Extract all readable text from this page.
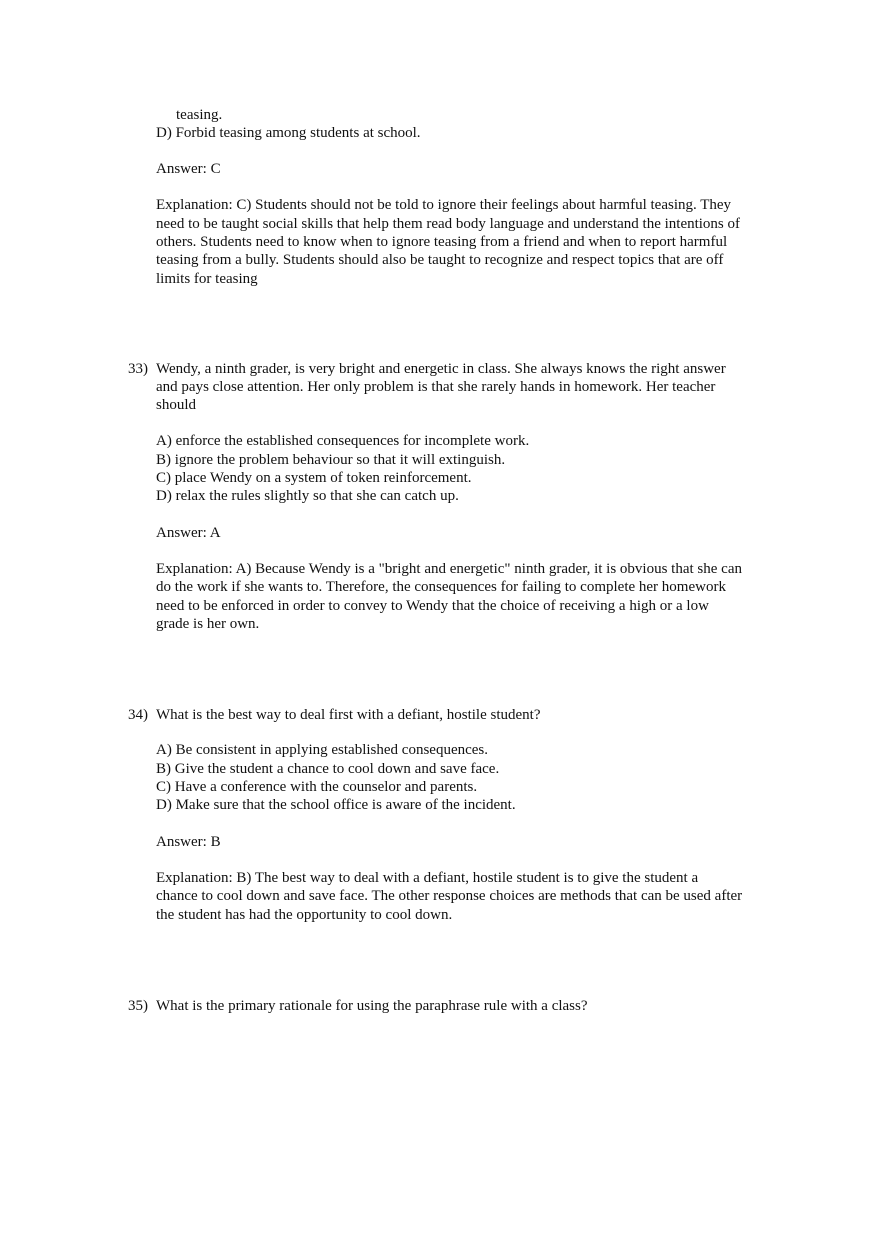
teasing.

D) Forbid teasing among students at school.

Answer: C

Explanation: C) Students should not be told to ignore their feelings about harmful teasing. They

need to be taught social skills that help them read body language and understand the intentions of

others. Students need to know when to ignore teasing from a friend and when to report harmful

teasing from a bully. Students should also be taught to recognize and respect topics that are off

limits for teasing

33) Wendy, a ninth grader, is very bright and energetic in class. She always knows the right answer

and pays close attention. Her only problem is that she rarely hands in homework. Her teacher

should

A) enforce the established consequences for incomplete work.

B) ignore the problem behaviour so that it will extinguish.

C) place Wendy on a system of token reinforcement.

D) relax the rules slightly so that she can catch up.

Answer: A

Explanation: A) Because Wendy is a "bright and energetic" ninth grader, it is obvious that she can

do the work if she wants to. Therefore, the consequences for failing to complete her homework

need to be enforced in order to convey to Wendy that the choice of receiving a high or a low

grade is her own.

34) What is the best way to deal first with a defiant, hostile student?

A) Be consistent in applying established consequences.

B) Give the student a chance to cool down and save face.

C) Have a conference with the counselor and parents.

D) Make sure that the school office is aware of the incident.

Answer: B

Explanation: B) The best way to deal with a defiant, hostile student is to give the student a

chance to cool down and save face. The other response choices are methods that can be used after

the student has had the opportunity to cool down.

35) What is the primary rationale for using the paraphrase rule with a class?
